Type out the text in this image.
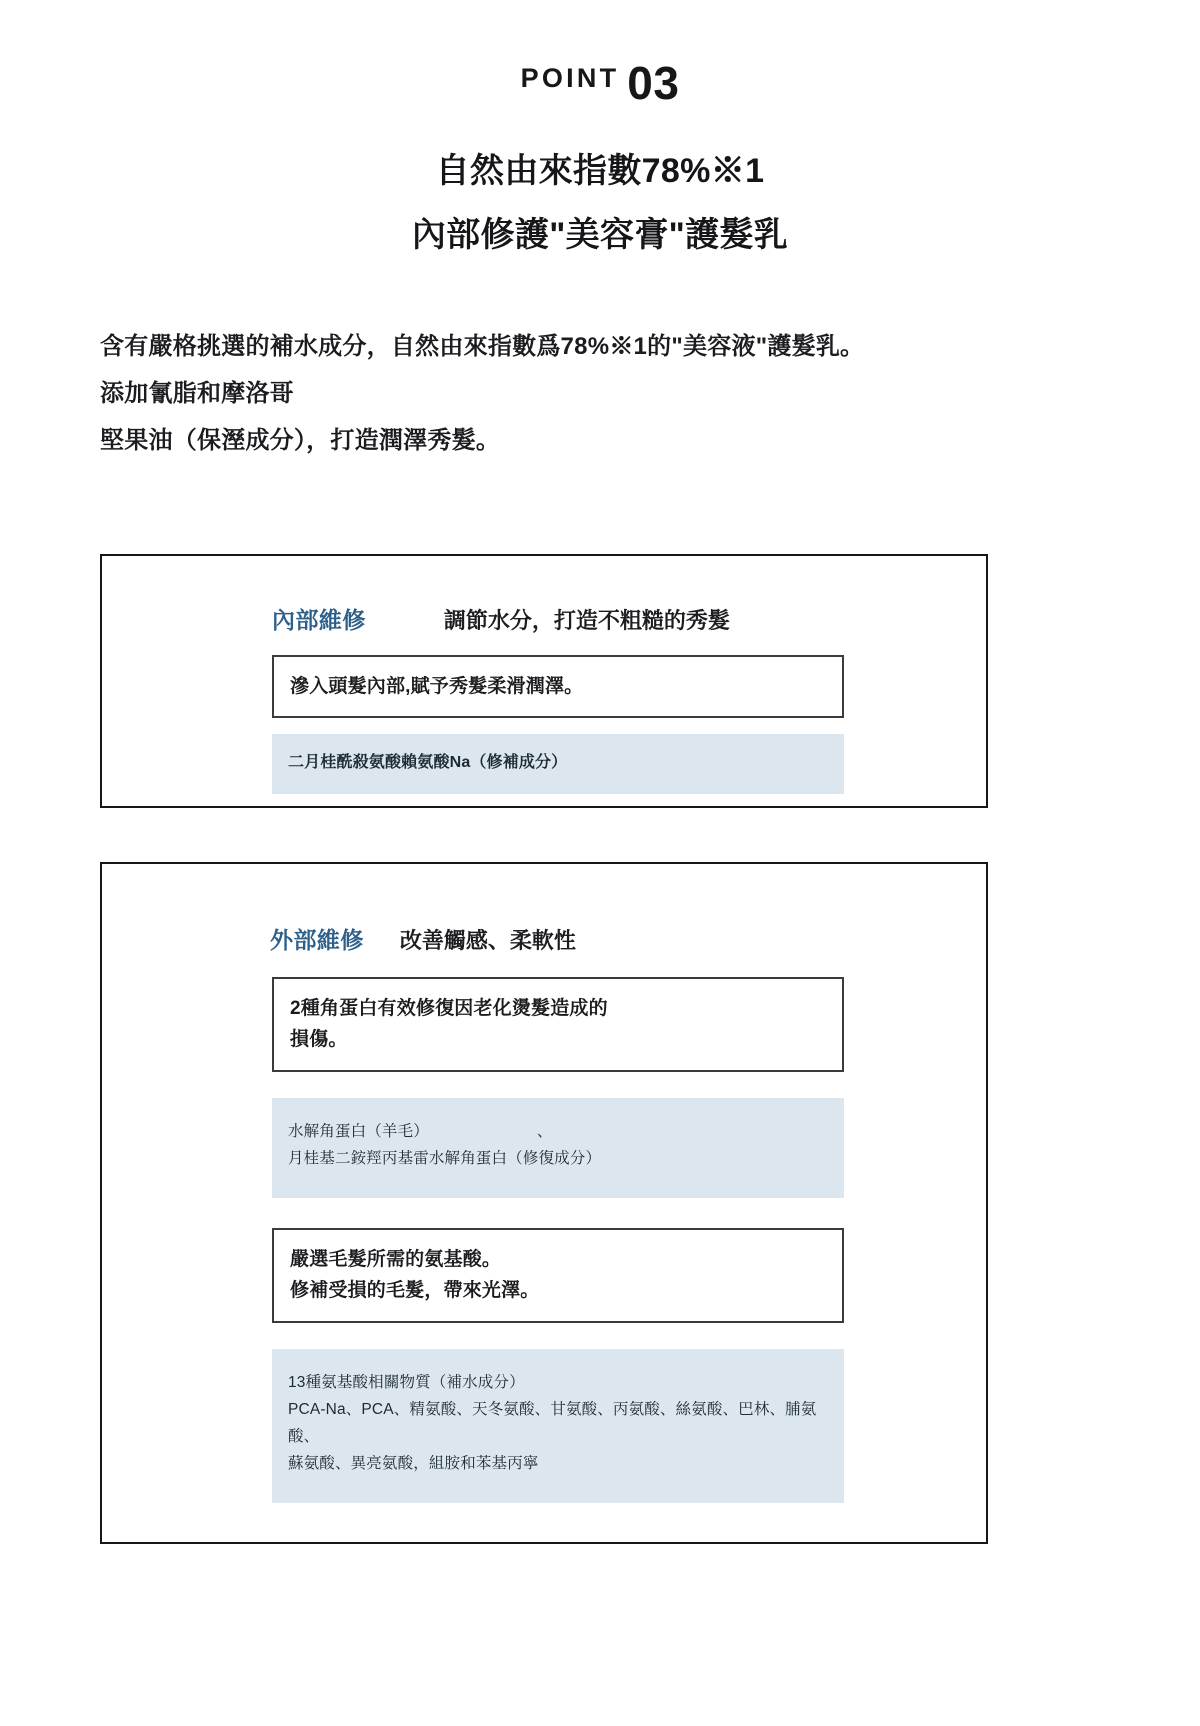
POINT 03
自然由來指數78%※1
內部修護"美容膏"護髮乳

含有嚴格挑選的補水成分，自然由來指數爲78%※1的"美容液"護髮乳。

添加氰脂和摩洛哥

堅果油（保溼成分），打造潤澤秀髮。

內部維修	調節水分，打造不粗糙的秀髮

滲入頭髮內部,賦予秀髮柔滑潤澤。

二月桂酰殺氨酸賴氨酸Na（修補成分）

外部維修 改善觸感、柔軟性

2種角蛋白有效修復因老化燙髮造成的

損傷。

水解角蛋白（羊毛）	、

月桂基二銨羥丙基雷水解角蛋白（修復成分）

嚴選毛髮所需的氨基酸。

修補受損的毛髮，帶來光澤。

13種氨基酸相關物質（補水成分）

PCA-Na、PCA、精氨酸、天冬氨酸、甘氨酸、丙氨酸、絲氨酸、巴林、脯氨酸、

蘇氨酸、異亮氨酸，組胺和苯基丙寧
